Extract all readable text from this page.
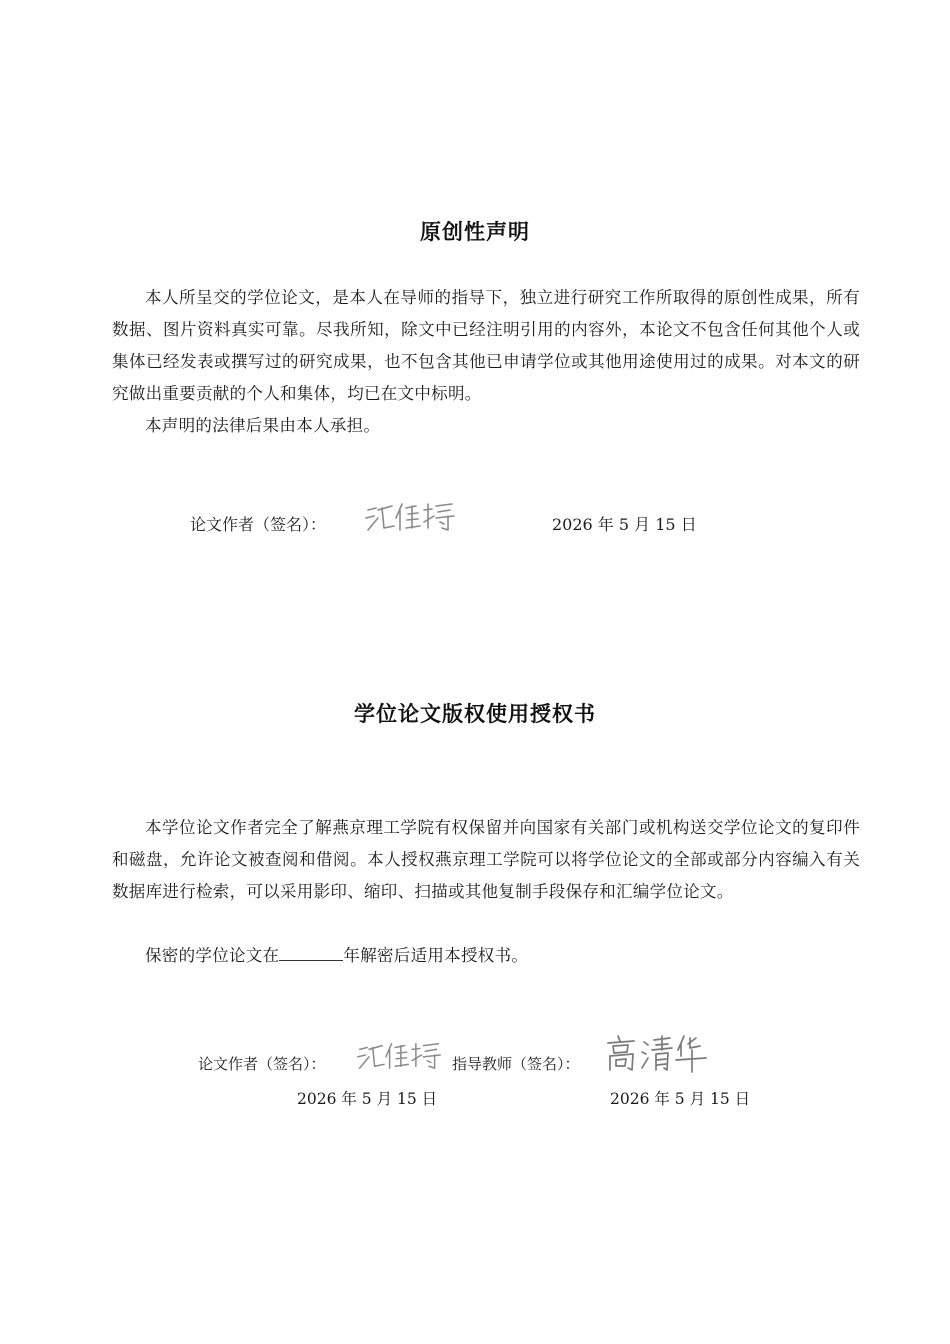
原创性声明

本人所呈交的学位论文，是本人在导师的指导下，独立进行研究工作所取得的原创性成果，所有数据、图片资料真实可靠。尽我所知，除文中已经注明引用的内容外，本论文不包含任何其他个人或集体已经发表或撰写过的研究成果，也不包含其他已申请学位或其他用途使用过的成果。对本文的研究做出重要贡献的个人和集体，均已在文中标明。

本声明的法律后果由本人承担。

论文作者（签名）：	2026 年 5 月 15 日

学位论文版权使用授权书

本学位论文作者完全了解燕京理工学院有权保留并向国家有关部门或机构送交学位论文的复印件和磁盘，允许论文被查阅和借阅。本人授权燕京理工学院可以将学位论文的全部或部分内容编入有关数据库进行检索，可以采用影印、缩印、扫描或其他复制手段保存和汇编学位论文。

保密的学位论文在	年解密后适用本授权书。

论文作者（签名）：	指导教师（签名）：

2026 年 5 月 15 日	2026 年 5 月 15 日
